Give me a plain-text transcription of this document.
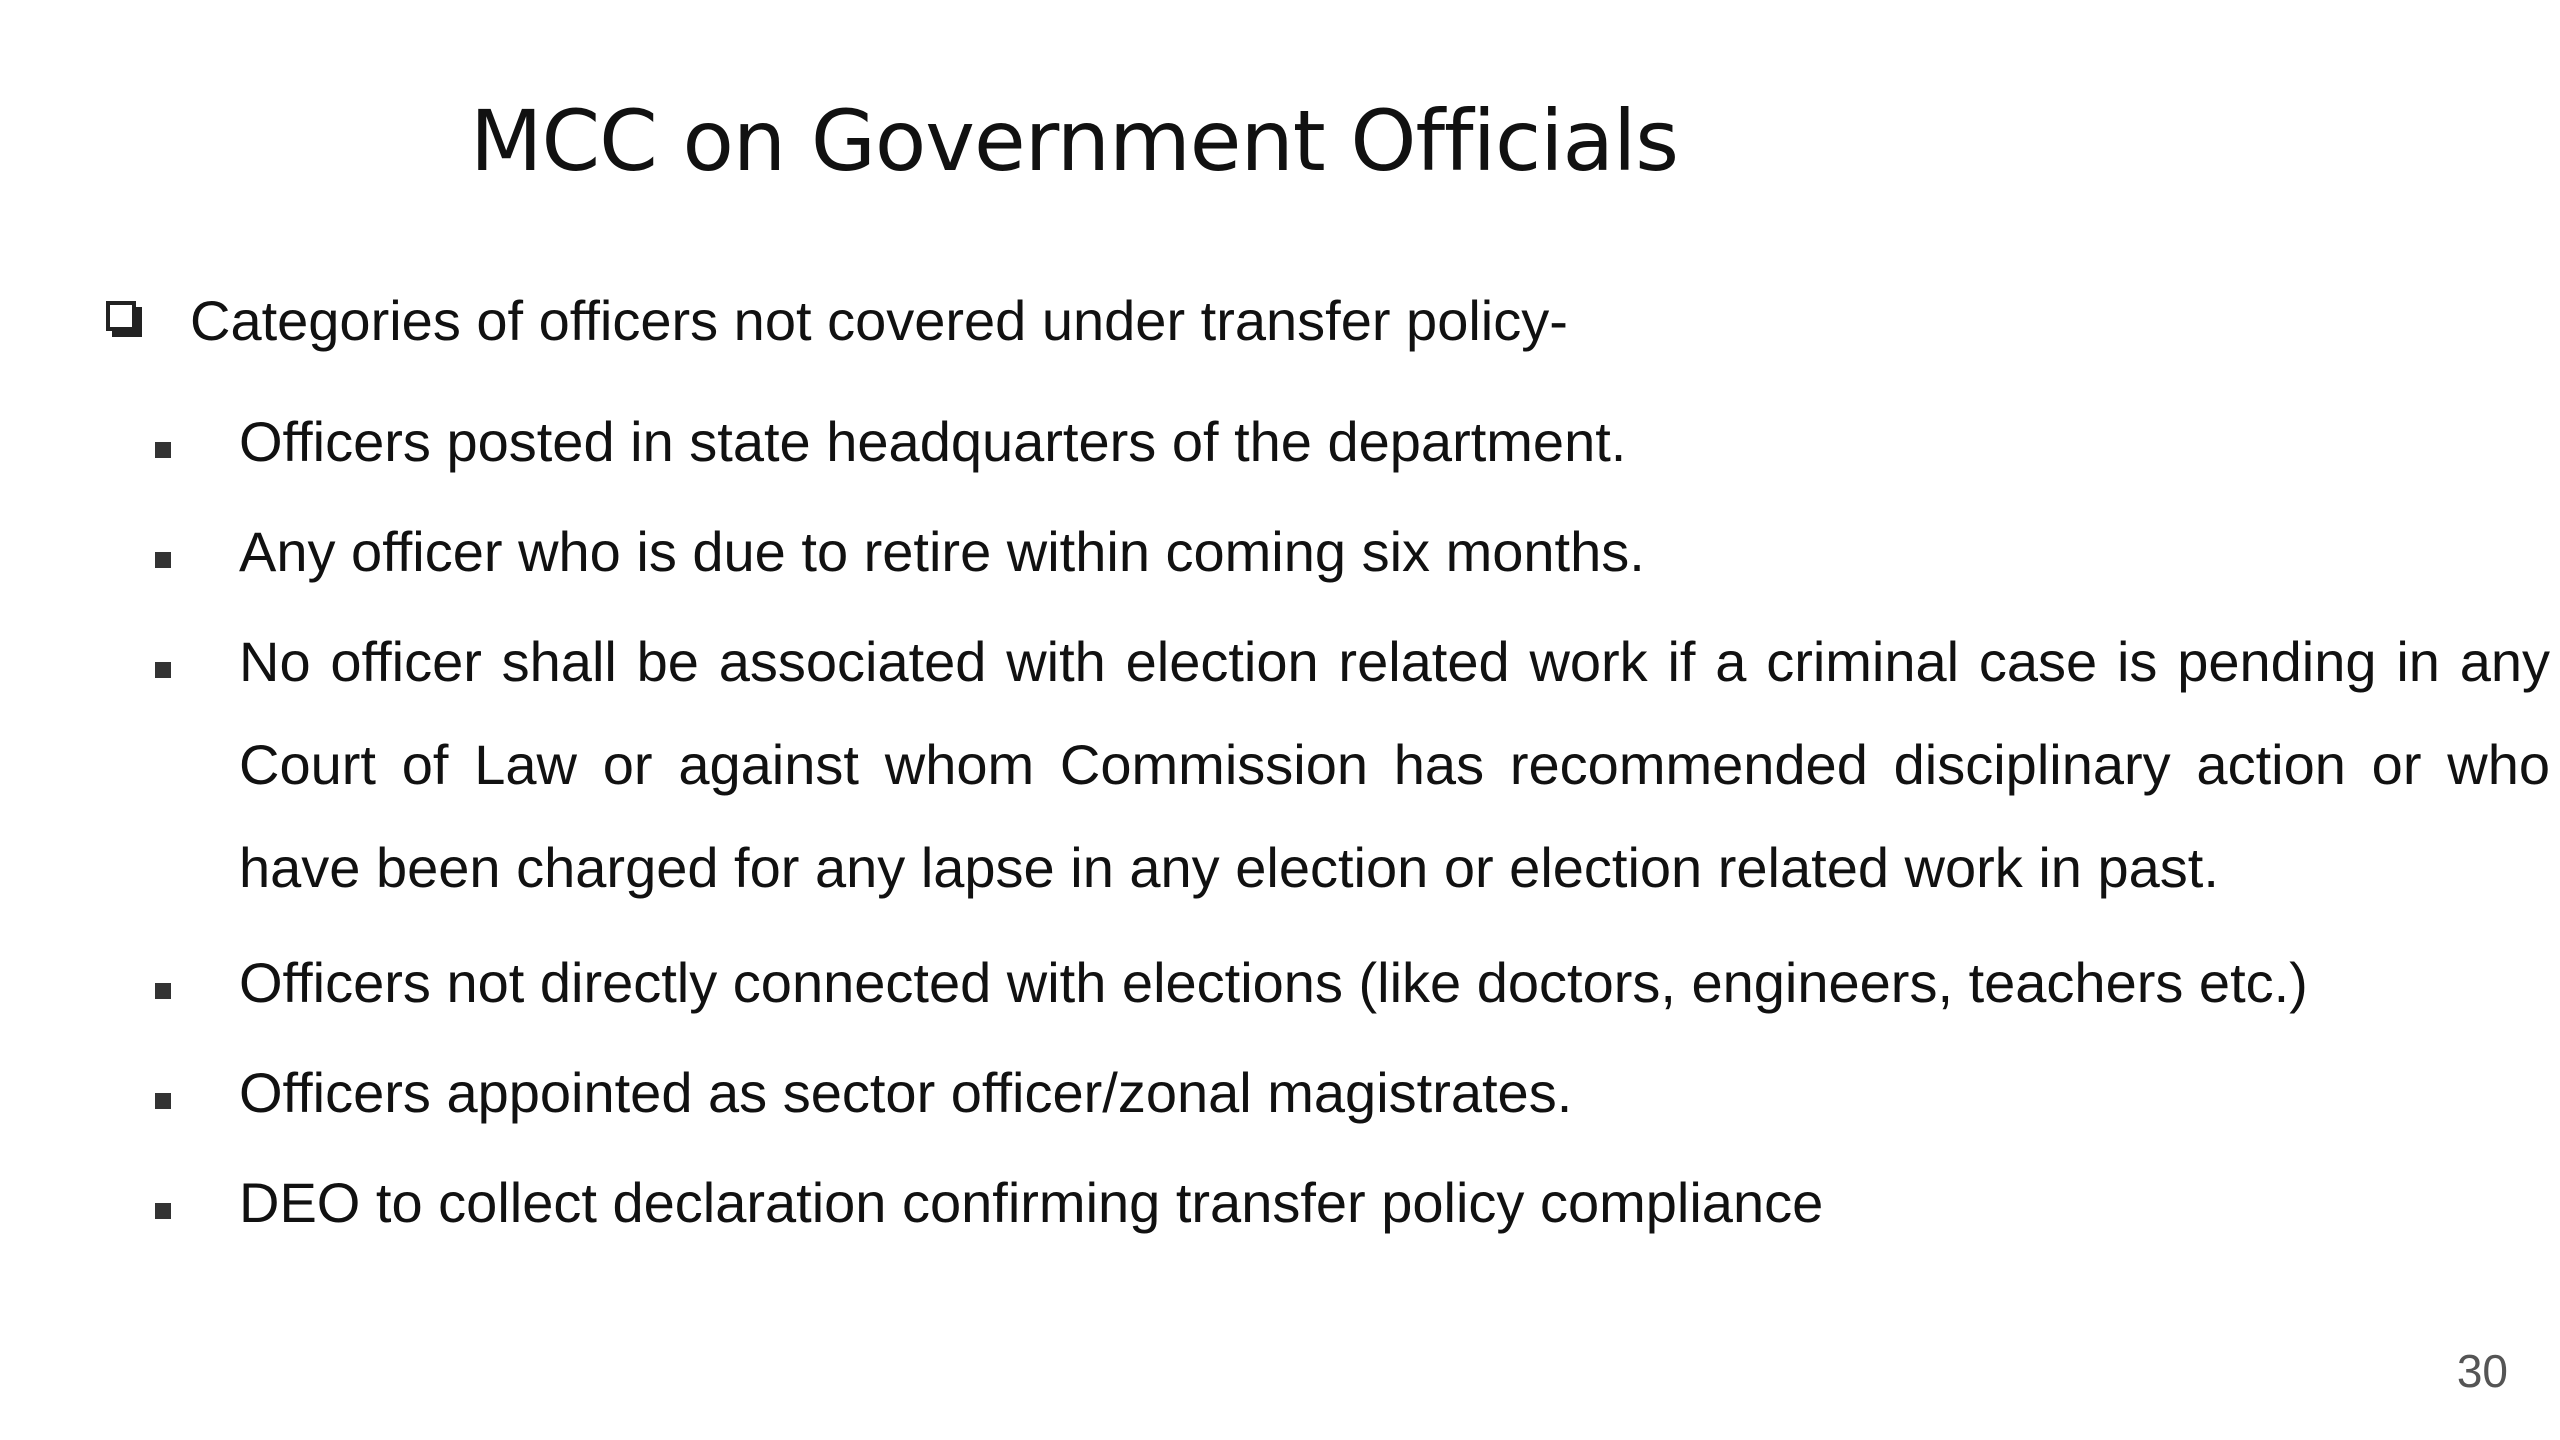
MCC on Government Officials
Categories of officers not covered under transfer policy-
Officers posted in state headquarters of the department.
Any officer who is due to retire within coming six months.
No officer shall be associated with election related work if a criminal case is pending in any Court of Law or against whom Commission has recommended disciplinary action or who have been charged for any lapse in any election or election related work in past.
Officers not directly connected with elections (like doctors, engineers, teachers etc.)
Officers appointed as sector officer/zonal magistrates.
DEO to collect declaration confirming transfer policy compliance
30
